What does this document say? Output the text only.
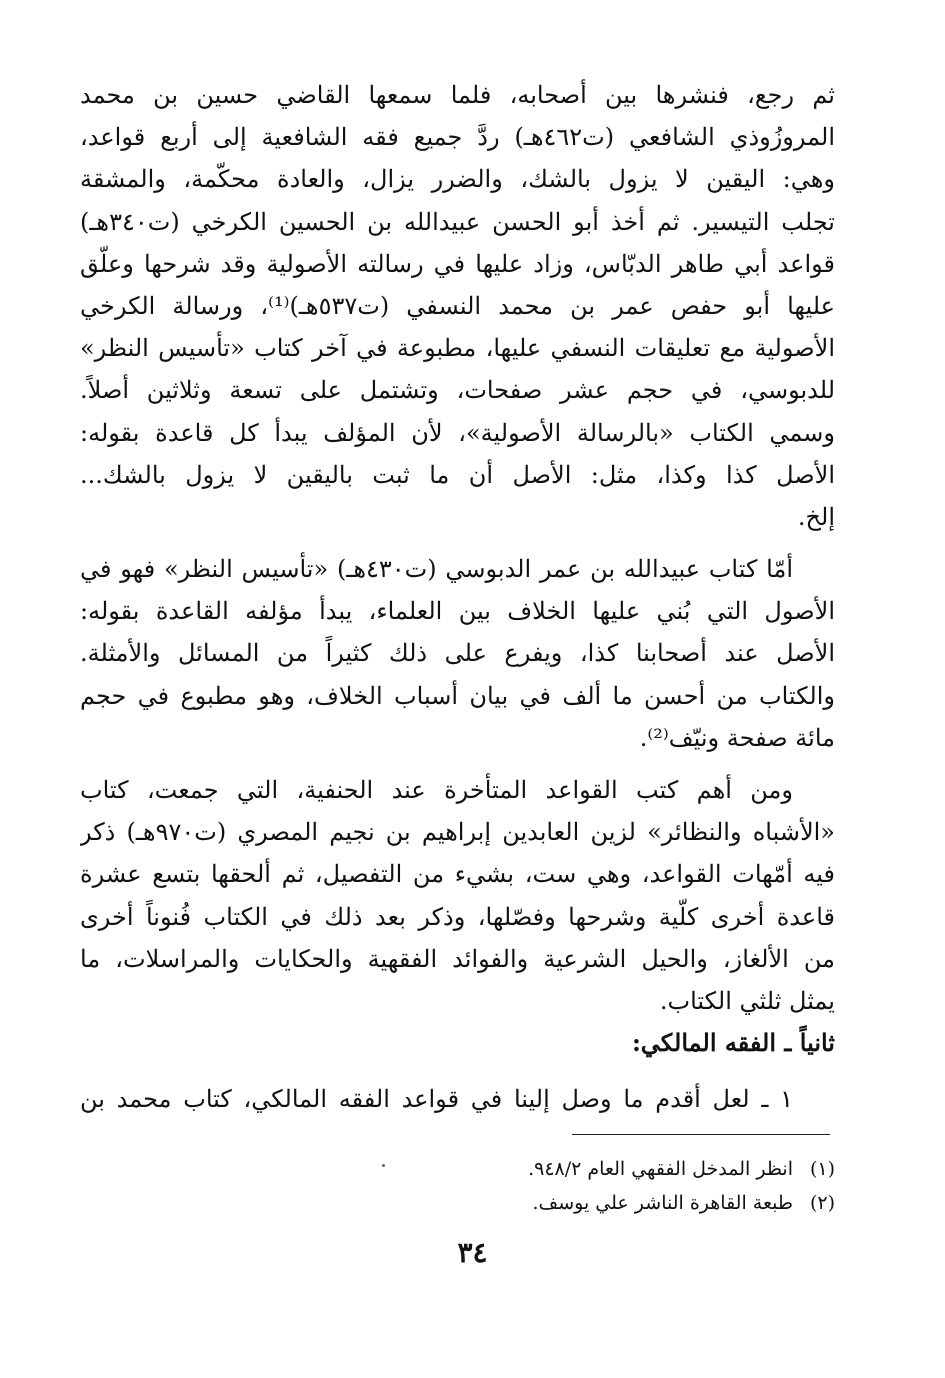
ثم رجع، فنشرها بين أصحابه، فلما سمعها القاضي حسين بن محمد
المروزُوذي الشافعي (ت٤٦٢هـ) ردَّ جميع فقه الشافعية إلى أربع قواعد،
وهي: اليقين لا يزول بالشك، والضرر يزال، والعادة محكّمة، والمشقة
تجلب التيسير. ثم أخذ أبو الحسن عبيدالله بن الحسين الكرخي (ت٣٤٠هـ)
قواعد أبي طاهر الدبّاس، وزاد عليها في رسالته الأصولية وقد شرحها وعلّق
عليها أبو حفص عمر بن محمد النسفي (ت٥٣٧هـ)⁽¹⁾، ورسالة الكرخي
الأصولية مع تعليقات النسفي عليها، مطبوعة في آخر كتاب «تأسيس النظر»
للدبوسي، في حجم عشر صفحات، وتشتمل على تسعة وثلاثين أصلاً.
وسمي الكتاب «بالرسالة الأصولية»، لأن المؤلف يبدأ كل قاعدة بقوله:
الأصل كذا وكذا، مثل: الأصل أن ما ثبت باليقين لا يزول بالشك...
إلخ.
أمّا كتاب عبيدالله بن عمر الدبوسي (ت٤٣٠هـ) «تأسيس النظر» فهو في
الأصول التي بُني عليها الخلاف بين العلماء، يبدأ مؤلفه القاعدة بقوله:
الأصل عند أصحابنا كذا، ويفرع على ذلك كثيراً من المسائل والأمثلة.
والكتاب من أحسن ما ألف في بيان أسباب الخلاف، وهو مطبوع في حجم
مائة صفحة ونيّف⁽²⁾.
ومن أهم كتب القواعد المتأخرة عند الحنفية، التي جمعت، كتاب
«الأشباه والنظائر» لزين العابدين إبراهيم بن نجيم المصري (ت٩٧٠هـ) ذكر
فيه أمّهات القواعد، وهي ست، بشيء من التفصيل، ثم ألحقها بتسع عشرة
قاعدة أخرى كلّية وشرحها وفصّلها، وذكر بعد ذلك في الكتاب فُنوناً أخرى
من الألغاز، والحيل الشرعية والفوائد الفقهية والحكايات والمراسلات، ما
يمثل ثلثي الكتاب.
ثانياً ـ الفقه المالكي:
١ ـ لعل أقدم ما وصل إلينا في قواعد الفقه المالكي، كتاب محمد بن
(١)انظر المدخل الفقهي العام ٩٤٨/٢.
(٢)طبعة القاهرة الناشر علي يوسف.
٣٤
